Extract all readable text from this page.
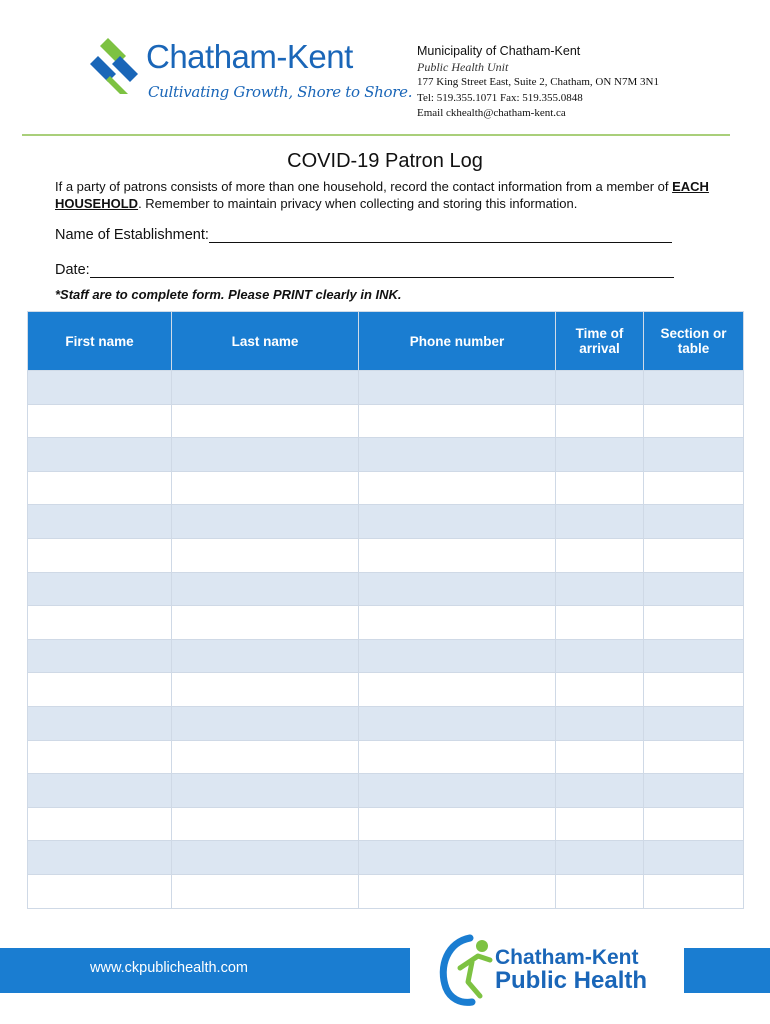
Chatham-Kent
Cultivating Growth, Shore to Shore.
Municipality of Chatham-Kent
Public Health Unit
177 King Street East, Suite 2, Chatham, ON N7M 3N1
Tel: 519.355.1071 Fax: 519.355.0848
Email ckhealth@chatham-kent.ca
COVID-19 Patron Log
If a party of patrons consists of more than one household, record the contact information from a member of EACH HOUSEHOLD. Remember to maintain privacy when collecting and storing this information.
Name of Establishment:
Date:
*Staff are to complete form. Please PRINT clearly in INK.
First name	Last name	Phone number	Time of arrival	Section or table

www.ckpublichealth.com	Chatham-Kent
Public Health
